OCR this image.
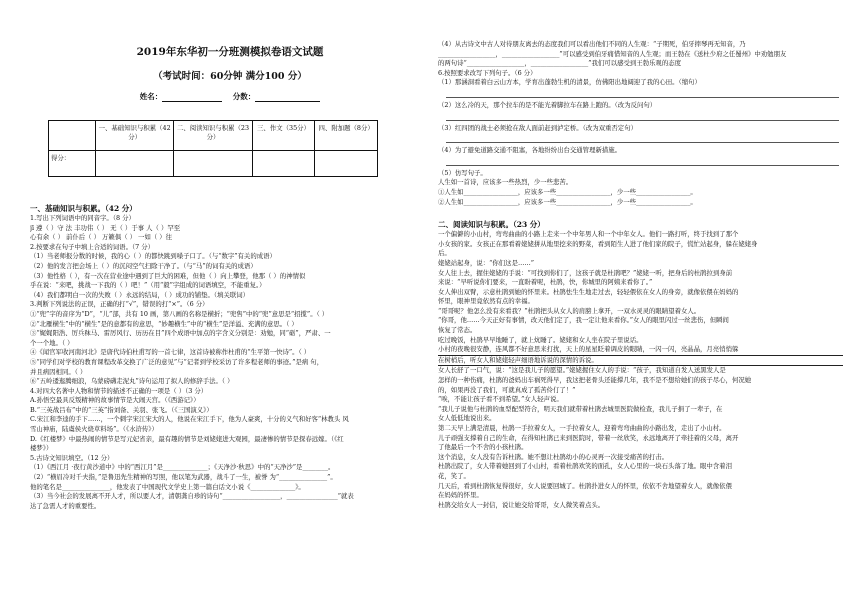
2019年东华初一分班测模拟卷语文试题

（考试时间：60分钟 满分100 分）

姓名：	分数：

	一、基础知识与积累（42分）	二、阅读知识与积累（23分）	三、作文（35分）	四、附加题（8分）
得分：				

一、基础知识与积累。（42 分）

1.写出下列词语中的同音字。（8 分）

jī 遵（ ）守 法 丰功伟（ ） 无（ ）于事 人（ ）罕至

心有余（ ） 前仆后（ ） 万籁俱（ ） 一如（ ）往

2.按要求在句子中填上合适的词语。（7 分）

（1）当老师报分数的时候，我的心（ ）的都快跳到嗓子口了。（与“数字”有关的成语）

（2）他的发言把会场上（ ）的沉闷空气扫除干净了。（与“马”的词有关的成语）

（3）他性格（ ），有一次在营业途中遇到了巨大的困难，但他（ ）向上攀登，他那（ ）的神情似

乎在说：“来吧，挑战一下我的（ ）吧！”（用“毅”字组成的词语填空，不能重复。）

（4）我们都明白一次的失败（ ）永远的结局，（ ）成功的铺垫。（填关联词）

3.判断下列说法的正误，正确的打“√”，错误的打“×”。（6 分）

①“兜”字的音序为“D”，“儿”部，共有 10 画，第八画的名称是横折；“兜售”中的“兜”意思是“招揽”。（ ）

②“北雁横生”中的“横生”是的意都有的意思，“妙趣横生”中的“横生”是洋溢、充满的意思。（ ）

③“娓娓阳浩、厉兵秣马、雷厉风行、历历在目”四个成语中加点的字含义分别是：劝勉，同“砺”，严肃、一

个一个地。（ ）

④《闻官军收河南河北》是唐代诗伯杜甫写的一首七律，这首诗被称作杜甫的“生平第一快诗”。（ ）

⑤“同学们对学校的教育课程改革交换了广泛的意见”与“记者到学校采访了许多程老师的事迹。”是病 句，

并且病因相同。（ ）

⑥“五岭逶迤腾细浪，乌蒙磅礴走泥丸”诗句运用了拟人的修辞手法。（ ）

4.对四大名著中人物和情节的描述不正确的一项是（ ）（3 分）

A.孙悟空最具反叛精神的故事情节是大闹天宫。（《西游记》）

B.“三英战吕布”中的“三英”指刘备、关羽、张飞。（《三国演义》）

C.宋江和李逵的手下……，一个刺字宋江宋大的人，他说在宋江手下，他为人豪爽，十分的义气和好客“林教头 风

雪山神庙，陆虞侯火烧草料场”。（《水浒传》）

D.《红楼梦》中最热闹的情节是写元妃省亲，最有趣的情节是刘姥姥进大观园，最凄惨的情节是探春远嫁。（《红

楼梦》）

5.古诗文知识填空。（12 分）

（1）《西江月 ·夜行黄沙道中》中的“西江月”是______________；《天净沙·秋思》中的“天净沙”是________。

（2）“横眉冷对千夫指，”是鲁迅先生精神的写照，他以笔为武器，战斗了一生，被誉 为“_______________”。

他的笔名是_______________，他发表了中国现代文学史上第一篇白话文小说《______________》。

（3）当今社会的发展离不开人才，所以要人才，清朝龚自珍的诗句“__________________，________________”就表

达了急需人才的重要性。

（4）从古诗文中古人对待朋友离去的态度我们可以看出他们不同的人生观：“子期死，伯牙摔琴再无知音，乃

__________________，__________________”可以感受到伯牙痛惜知音的人生观；而王勃在《送杜少府之任蜀州》中劝勉朋友

的两句诗“__________________，__________________”我们可以感受到王勃乐观的态度

6.按照要求改写下列句子。（6 分）

（1）那涵洞看着白云山方本，学育出蓬勃生机的清景，仿佛阳出地阔迎了我的心田。（缩句）

（2）这么冷的天，那个拉车的是不能光着脚拉车在路上跑的。（改为反问句）

（3）红四团的战士必须抢在敌人面前赶到泸定桥。（改为双重否定句）

（4）为了避免道路交通不阻塞，各地纷纷出台交通管理新措施。

（5）仿写句子。

人生如一首诗，应该多一些热烈，少一些悲苦。

①人生如_________________，应该多一些_________________，少一些_________________。

②人生如_________________，应该多一些_________________，少一些_________________。

二、阅读知识与积累。（23 分）

一个偏僻的小山村，弯弯曲曲的小路上走来一个中年男人和一个中年女人。他们一路打听，终于找到了那个

小女孩的家。女孩正在那看着姥姥拼从地里挖来的野菜，看到陌生人进了他们家的院子，慌忙站起身，躲在姥姥身

后。

姥姥站起身，说：“你们这是……”

女人往上去，握住姥姥的手说：“可找到你们了，这孩子就是杜鹃吧？”姥姥一听，把身后的杜鹃拉到身前

来说：“早听说你们要来，一直盼着呢，杜鹃，快，你城里的阿姨来看你了。”

女人伸出双臂，示意杜鹃到她的怀里来。杜鹃怯生生地走过去，轻轻偎依在女人的身旁，就像依偎在妈妈的

怀里，眼神里竟依然有点的幸福。

“哥哥呢？他怎么没有来看我？”杜鹃把头从女人的肩膀上拿开，一双水灵灵的眼睛望着女人。

“你哥，他……今天正好有事情，改天他们定了，我一定让他来看你。”女人的眼里闪过一丝悲伤，但瞬间

恢复了常态。

吃过晚饭，杜鹃早早地睡了，就上炕睡了。姥姥和女人坐在院子里说话。

小村的夜晚很安静，连风都不好意思来打扰，天上的星星眨着调皮的眼睛，一闪一闪，亮晶晶，月亮悄悄躲

在树梢后，听女人和姥姥轻声细语地诉说的深情的诉说。

女人长舒了一口气，说：“这是我儿子的愿望。”姥姥握住女人的手说：“孩子，我知道自发人送黑发人是

怎样的一种伤痛，杜鹃的爸妈出车祸死得早，我这把老骨头还能撑几年，我不是不想给她们的孩子尽心，何况她

的，如果再没了我们，可就真成了孤苦伶仃了！”

“唉，不能让孩子看不到希望。”女人轻声说。

“我儿子说他与杜鹃的血型配型符合，明天我们就带着杜鹃去城里医院做检查，我儿子捐了一辈子，在

女人低低地说出来。

第二天早上满是清晨，杜鹃一手拉着女人，一手拉着女人，迎着弯弯曲曲的小路出发，走出了小山村。

儿子顽强支撑着自己的生命，在得知杜鹃已来到医院时，带着一丝欣笑，永远地离开了牵挂着的父母，离开

了他最后一个不舍的小孩杜鹃。

这个消息，女人没有告诉杜鹃。她不想让杜鹃幼小的心灵再一次接受痛苦的打击。

杜鹃出院了，女人带着她回到了小山村，看着杜鹃欢笑的面孔，女人心里的一块石头落了地。眼中含着泪

花，笑了。

几天后，看到杜鹃恢复得很好，女人说要回城了。杜鹃扑进女人的怀里，依依不舍地望着女人，就像依偎

在妈妈的怀里。

杜鹃交给女人一封信，说让她交给哥哥，女人微笑着点头。
